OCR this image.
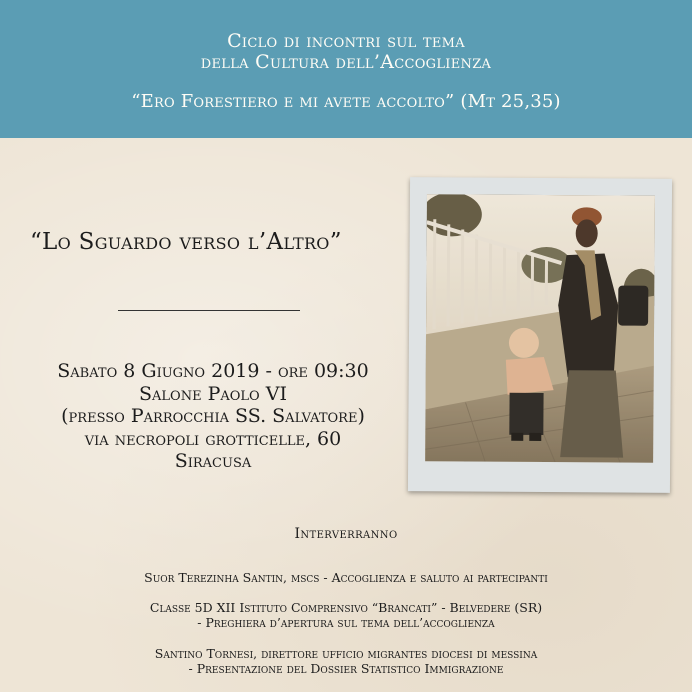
Ciclo di incontri sul tema
della Cultura dell’Accoglienza
“Ero Forestiero e mi avete accolto” (Mt 25,35)
“Lo Sguardo verso l’Altro”
Sabato 8 Giugno 2019 - ore 09:30
Salone Paolo VI
(presso Parrocchia SS. Salvatore)
via necropoli grotticelle, 60
Siracusa
Interverranno
Suor Terezinha Santin, mscs - Accoglienza e saluto ai partecipanti
Classe 5D XII Istituto Comprensivo “Brancati” - Belvedere (SR)
- Preghiera d’apertura sul tema dell’accoglienza
Santino Tornesi, direttore ufficio migrantes diocesi di messina
- Presentazione del Dossier Statistico Immigrazione
